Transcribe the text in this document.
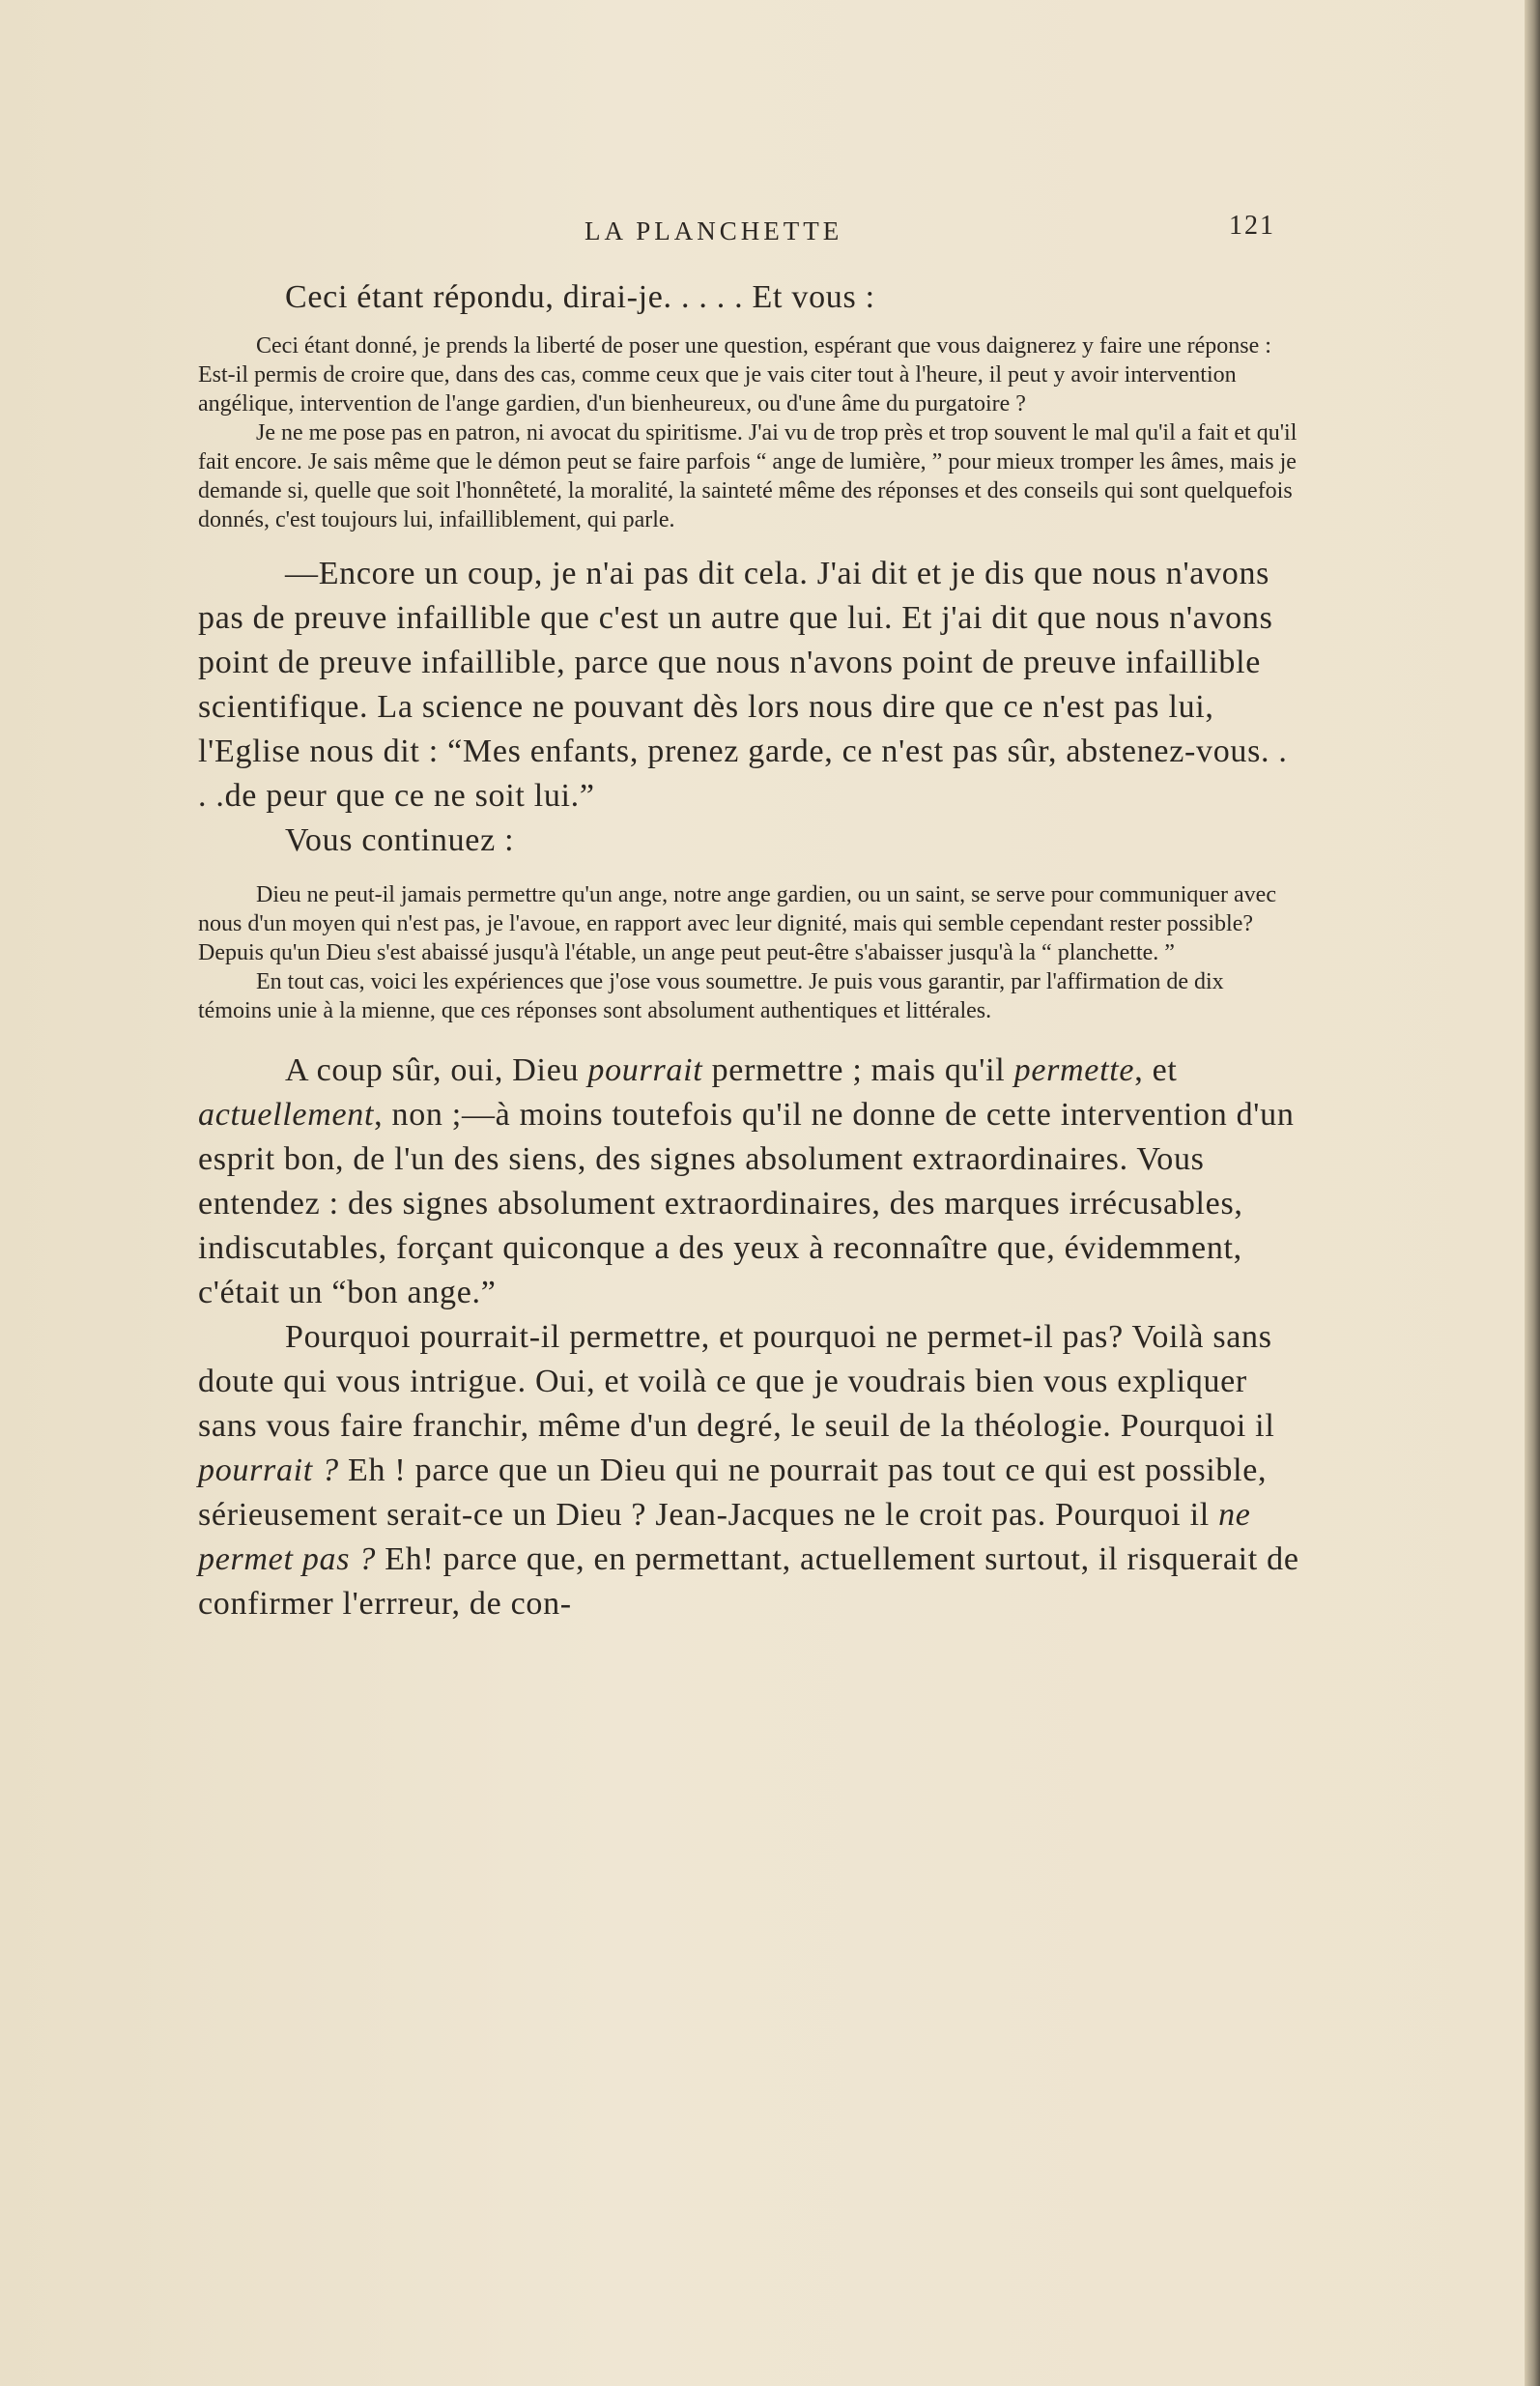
LA PLANCHETTE	121

Ceci étant répondu, dirai-je. . . . . Et vous :

Ceci étant donné, je prends la liberté de poser une question, espérant que vous daignerez y faire une réponse : Est-il permis de croire que, dans des cas, comme ceux que je vais citer tout à l'heure, il peut y avoir intervention angélique, intervention de l'ange gardien, d'un bienheureux, ou d'une âme du purgatoire ?

Je ne me pose pas en patron, ni avocat du spiritisme. J'ai vu de trop près et trop souvent le mal qu'il a fait et qu'il fait encore. Je sais même que le démon peut se faire parfois “ ange de lumière, ” pour mieux tromper les âmes, mais je demande si, quelle que soit l'honnêteté, la moralité, la sainteté même des réponses et des conseils qui sont quelquefois donnés, c'est toujours lui, infailliblement, qui parle.

—Encore un coup, je n'ai pas dit cela. J'ai dit et je dis que nous n'avons pas de preuve infaillible que c'est un autre que lui. Et j'ai dit que nous n'avons point de preuve infaillible, parce que nous n'avons point de preuve infaillible scientifique. La science ne pouvant dès lors nous dire que ce n'est pas lui, l'Eglise nous dit : “Mes enfants, prenez garde, ce n'est pas sûr, abstenez-vous. . . .de peur que ce ne soit lui.”

Vous continuez :

Dieu ne peut-il jamais permettre qu'un ange, notre ange gardien, ou un saint, se serve pour communiquer avec nous d'un moyen qui n'est pas, je l'avoue, en rapport avec leur dignité, mais qui semble cependant rester possible? Depuis qu'un Dieu s'est abaissé jusqu'à l'étable, un ange peut peut-être s'abaisser jusqu'à la “ planchette. ”

En tout cas, voici les expériences que j'ose vous soumettre. Je puis vous garantir, par l'affirmation de dix témoins unie à la mienne, que ces réponses sont absolument authentiques et littérales.

A coup sûr, oui, Dieu pourrait permettre ; mais qu'il permette, et actuellement, non ;—à moins toutefois qu'il ne donne de cette intervention d'un esprit bon, de l'un des siens, des signes absolument extraordinaires. Vous entendez : des signes absolument extraordinaires, des marques irrécusables, indiscutables, forçant quiconque a des yeux à reconnaître que, évidemment, c'était un “bon ange.”

Pourquoi pourrait-il permettre, et pourquoi ne permet-il pas? Voilà sans doute qui vous intrigue. Oui, et voilà ce que je voudrais bien vous expliquer sans vous faire franchir, même d'un degré, le seuil de la théologie. Pourquoi il pourrait ? Eh ! parce que un Dieu qui ne pourrait pas tout ce qui est possible, sérieusement serait-ce un Dieu ? Jean-Jacques ne le croit pas. Pourquoi il ne permet pas ? Eh! parce que, en permettant, actuellement surtout, il risquerait de confirmer l'errreur, de con-
